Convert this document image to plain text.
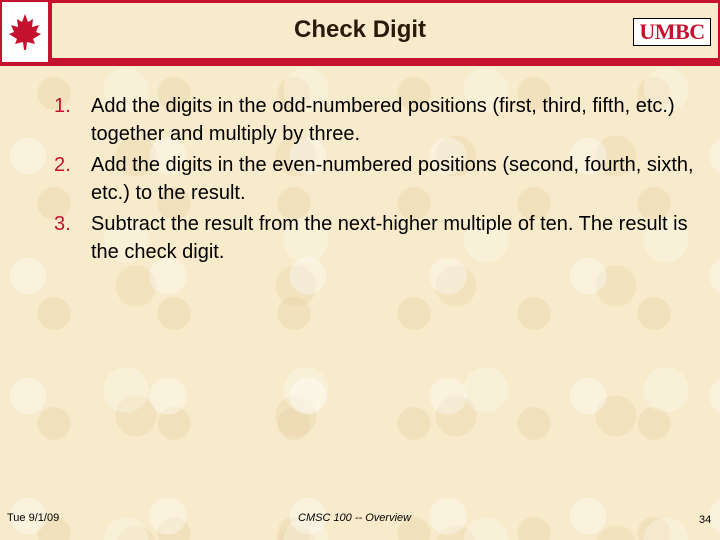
Check Digit	UMBC
1.	Add the digits in the odd-numbered positions (first, third, fifth, etc.) together and multiply by three.
2.	Add the digits in the even-numbered positions (second, fourth, sixth, etc.) to the result.
3.	Subtract the result from the next-higher multiple of ten. The result is the check digit.
Tue 9/1/09	CMSC 100 -- Overview	34
